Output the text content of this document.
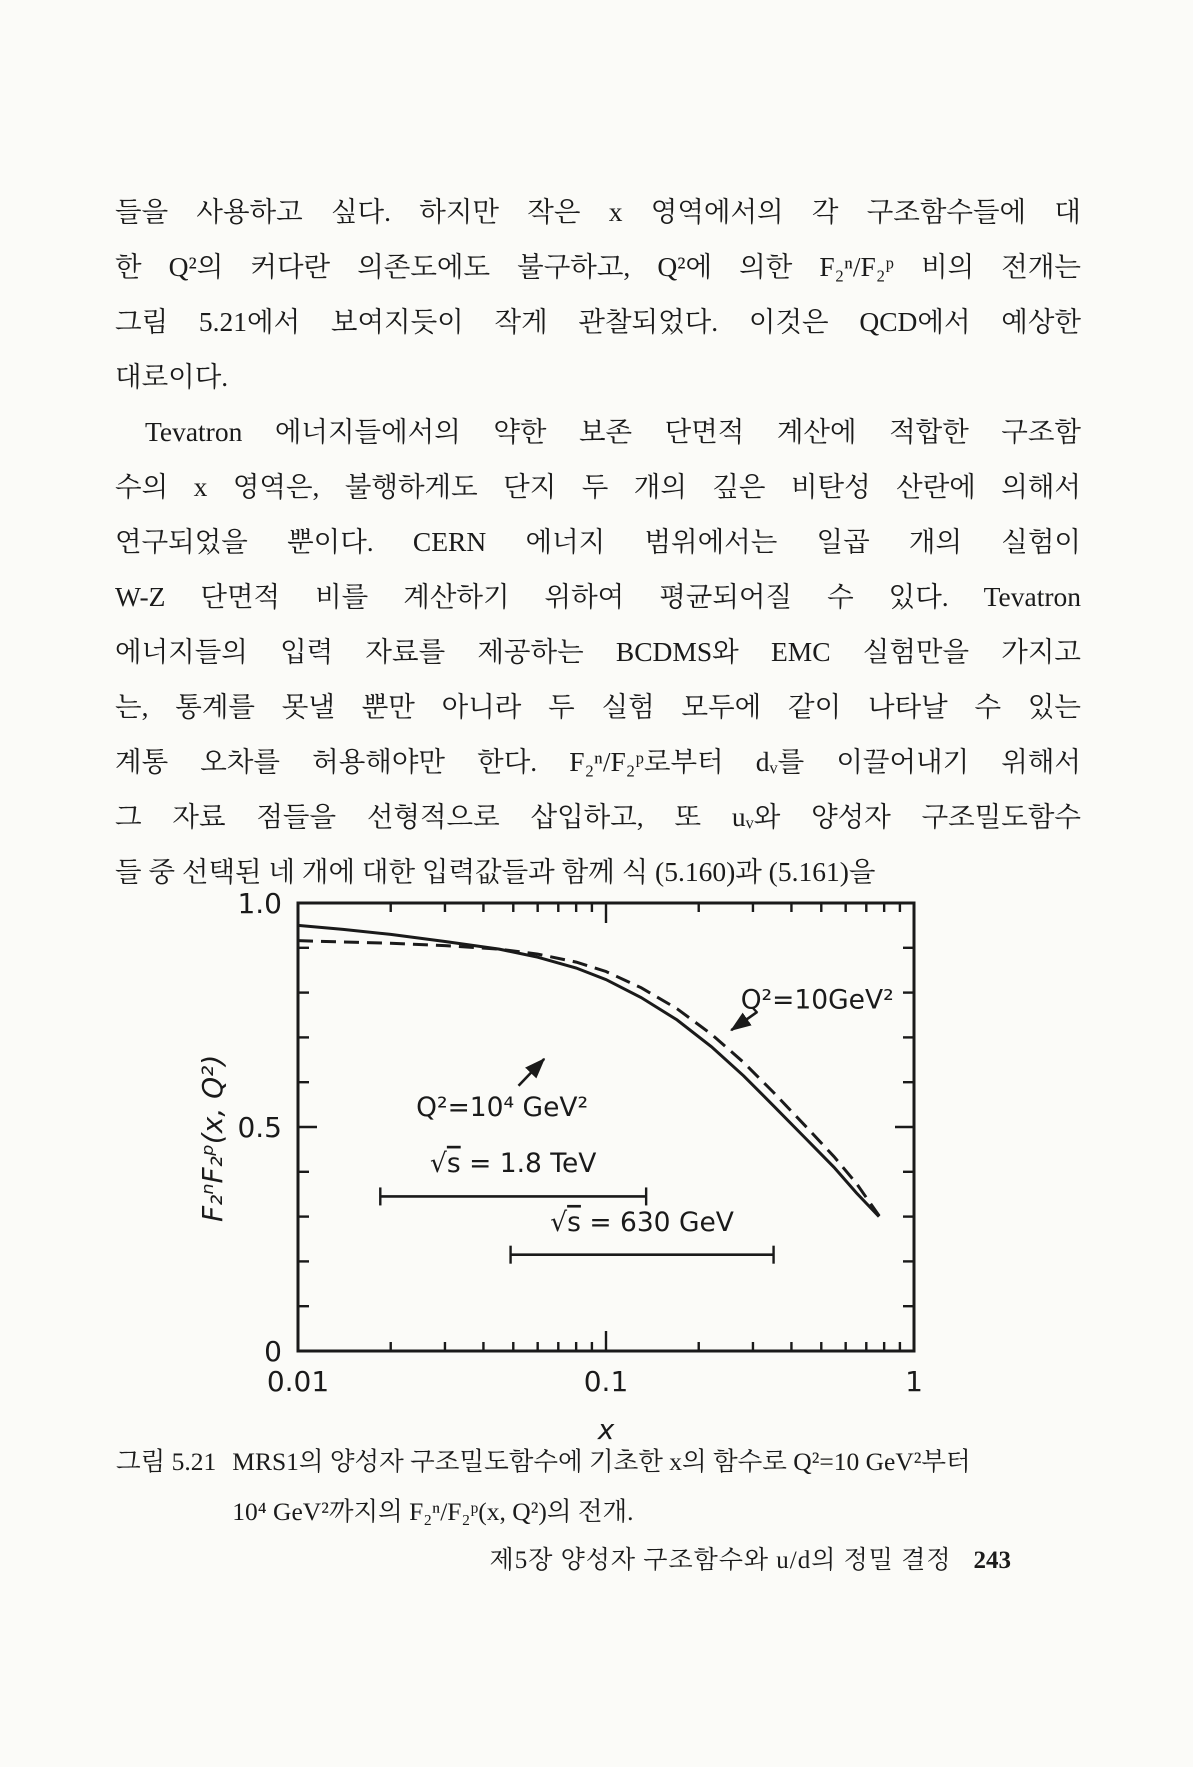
들을 사용하고 싶다. 하지만 작은 x 영역에서의 각 구조함수들에 대
한 Q²의 커다란 의존도에도 불구하고, Q²에 의한 F₂ⁿ/F₂ᵖ 비의 전개는
그림 5.21에서 보여지듯이 작게 관찰되었다. 이것은 QCD에서 예상한
대로이다.
Tevatron 에너지들에서의 약한 보존 단면적 계산에 적합한 구조함
수의 x 영역은, 불행하게도 단지 두 개의 깊은 비탄성 산란에 의해서
연구되었을 뿐이다. CERN 에너지 범위에서는 일곱 개의 실험이
W-Z 단면적 비를 계산하기 위하여 평균되어질 수 있다. Tevatron
에너지들의 입력 자료를 제공하는 BCDMS와 EMC 실험만을 가지고
는, 통계를 못낼 뿐만 아니라 두 실험 모두에 같이 나타날 수 있는
계통 오차를 허용해야만 한다. F₂ⁿ/F₂ᵖ로부터 dᵥ를 이끌어내기 위해서
그 자료 점들을 선형적으로 삽입하고, 또 uᵥ와 양성자 구조밀도함수
들 중 선택된 네 개에 대한 입력값들과 함께 식 (5.160)과 (5.161)을
0.01	0.1	1
0
0.5
1.0
F₂ⁿF₂ᵖ(x, Q²)
x
√s = 1.8 TeV
√s = 630 GeV
Q²=10GeV²
Q²=10⁴ GeV²
그림 5.21 MRS1의 양성자 구조밀도함수에 기초한 x의 함수로 Q²=10 GeV²부터
10⁴ GeV²까지의 F₂ⁿ/F₂ᵖ(x, Q²)의 전개.
제5장 양성자 구조함수와 u/d의 정밀 결정 243
